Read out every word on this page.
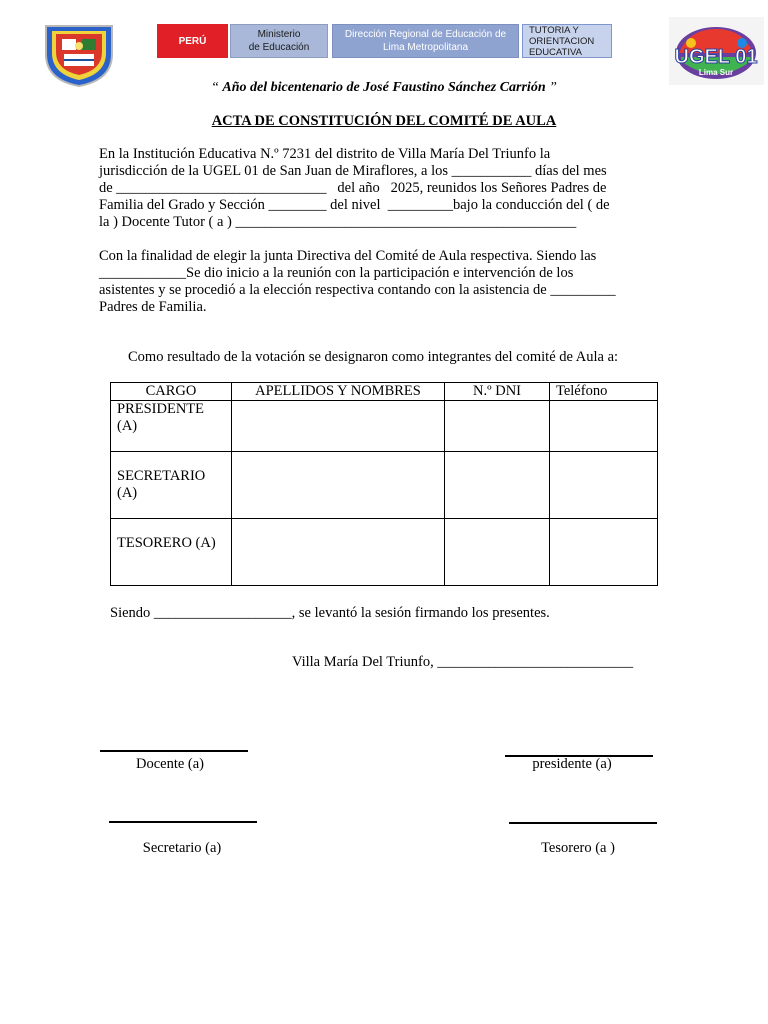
PERÚ
Ministerio
de Educación
Dirección Regional de Educación de
Lima Metropolitana
TUTORIA Y
ORIENTACION
EDUCATIVA	UGEL 01
Lima Sur
“ Año del bicentenario de José Faustino Sánchez Carrión ”
ACTA DE CONSTITUCIÓN DEL COMITÉ DE AULA
En la Institución Educativa N.º 7231 del distrito de Villa María Del Triunfo la
jurisdicción de la UGEL 01 de San Juan de Miraflores, a los ___________ días del mes
de _____________________________   del año   2025, reunidos los Señores Padres de
Familia del Grado y Sección ________ del nivel  _________bajo la conducción del ( de
la ) Docente Tutor ( a ) _______________________________________________
Con la finalidad de elegir la junta Directiva del Comité de Aula respectiva. Siendo las
____________Se dio inicio a la reunión con la participación e intervención de los
asistentes y se procedió a la elección respectiva contando con la asistencia de _________
Padres de Familia.
Como resultado de la votación se designaron como integrantes del comité de Aula a:
CARGO	APELLIDOS Y NOMBRES	N.º DNI	Teléfono

PRESIDENTE
(A)			

SECRETARIO
(A)			

TESORERO (A)			

Siendo ___________________, se levantó la sesión firmando los presentes.
Villa María Del Triunfo, ___________________________
Docente (a)	presidente (a)
Secretario (a)	Tesorero (a )
